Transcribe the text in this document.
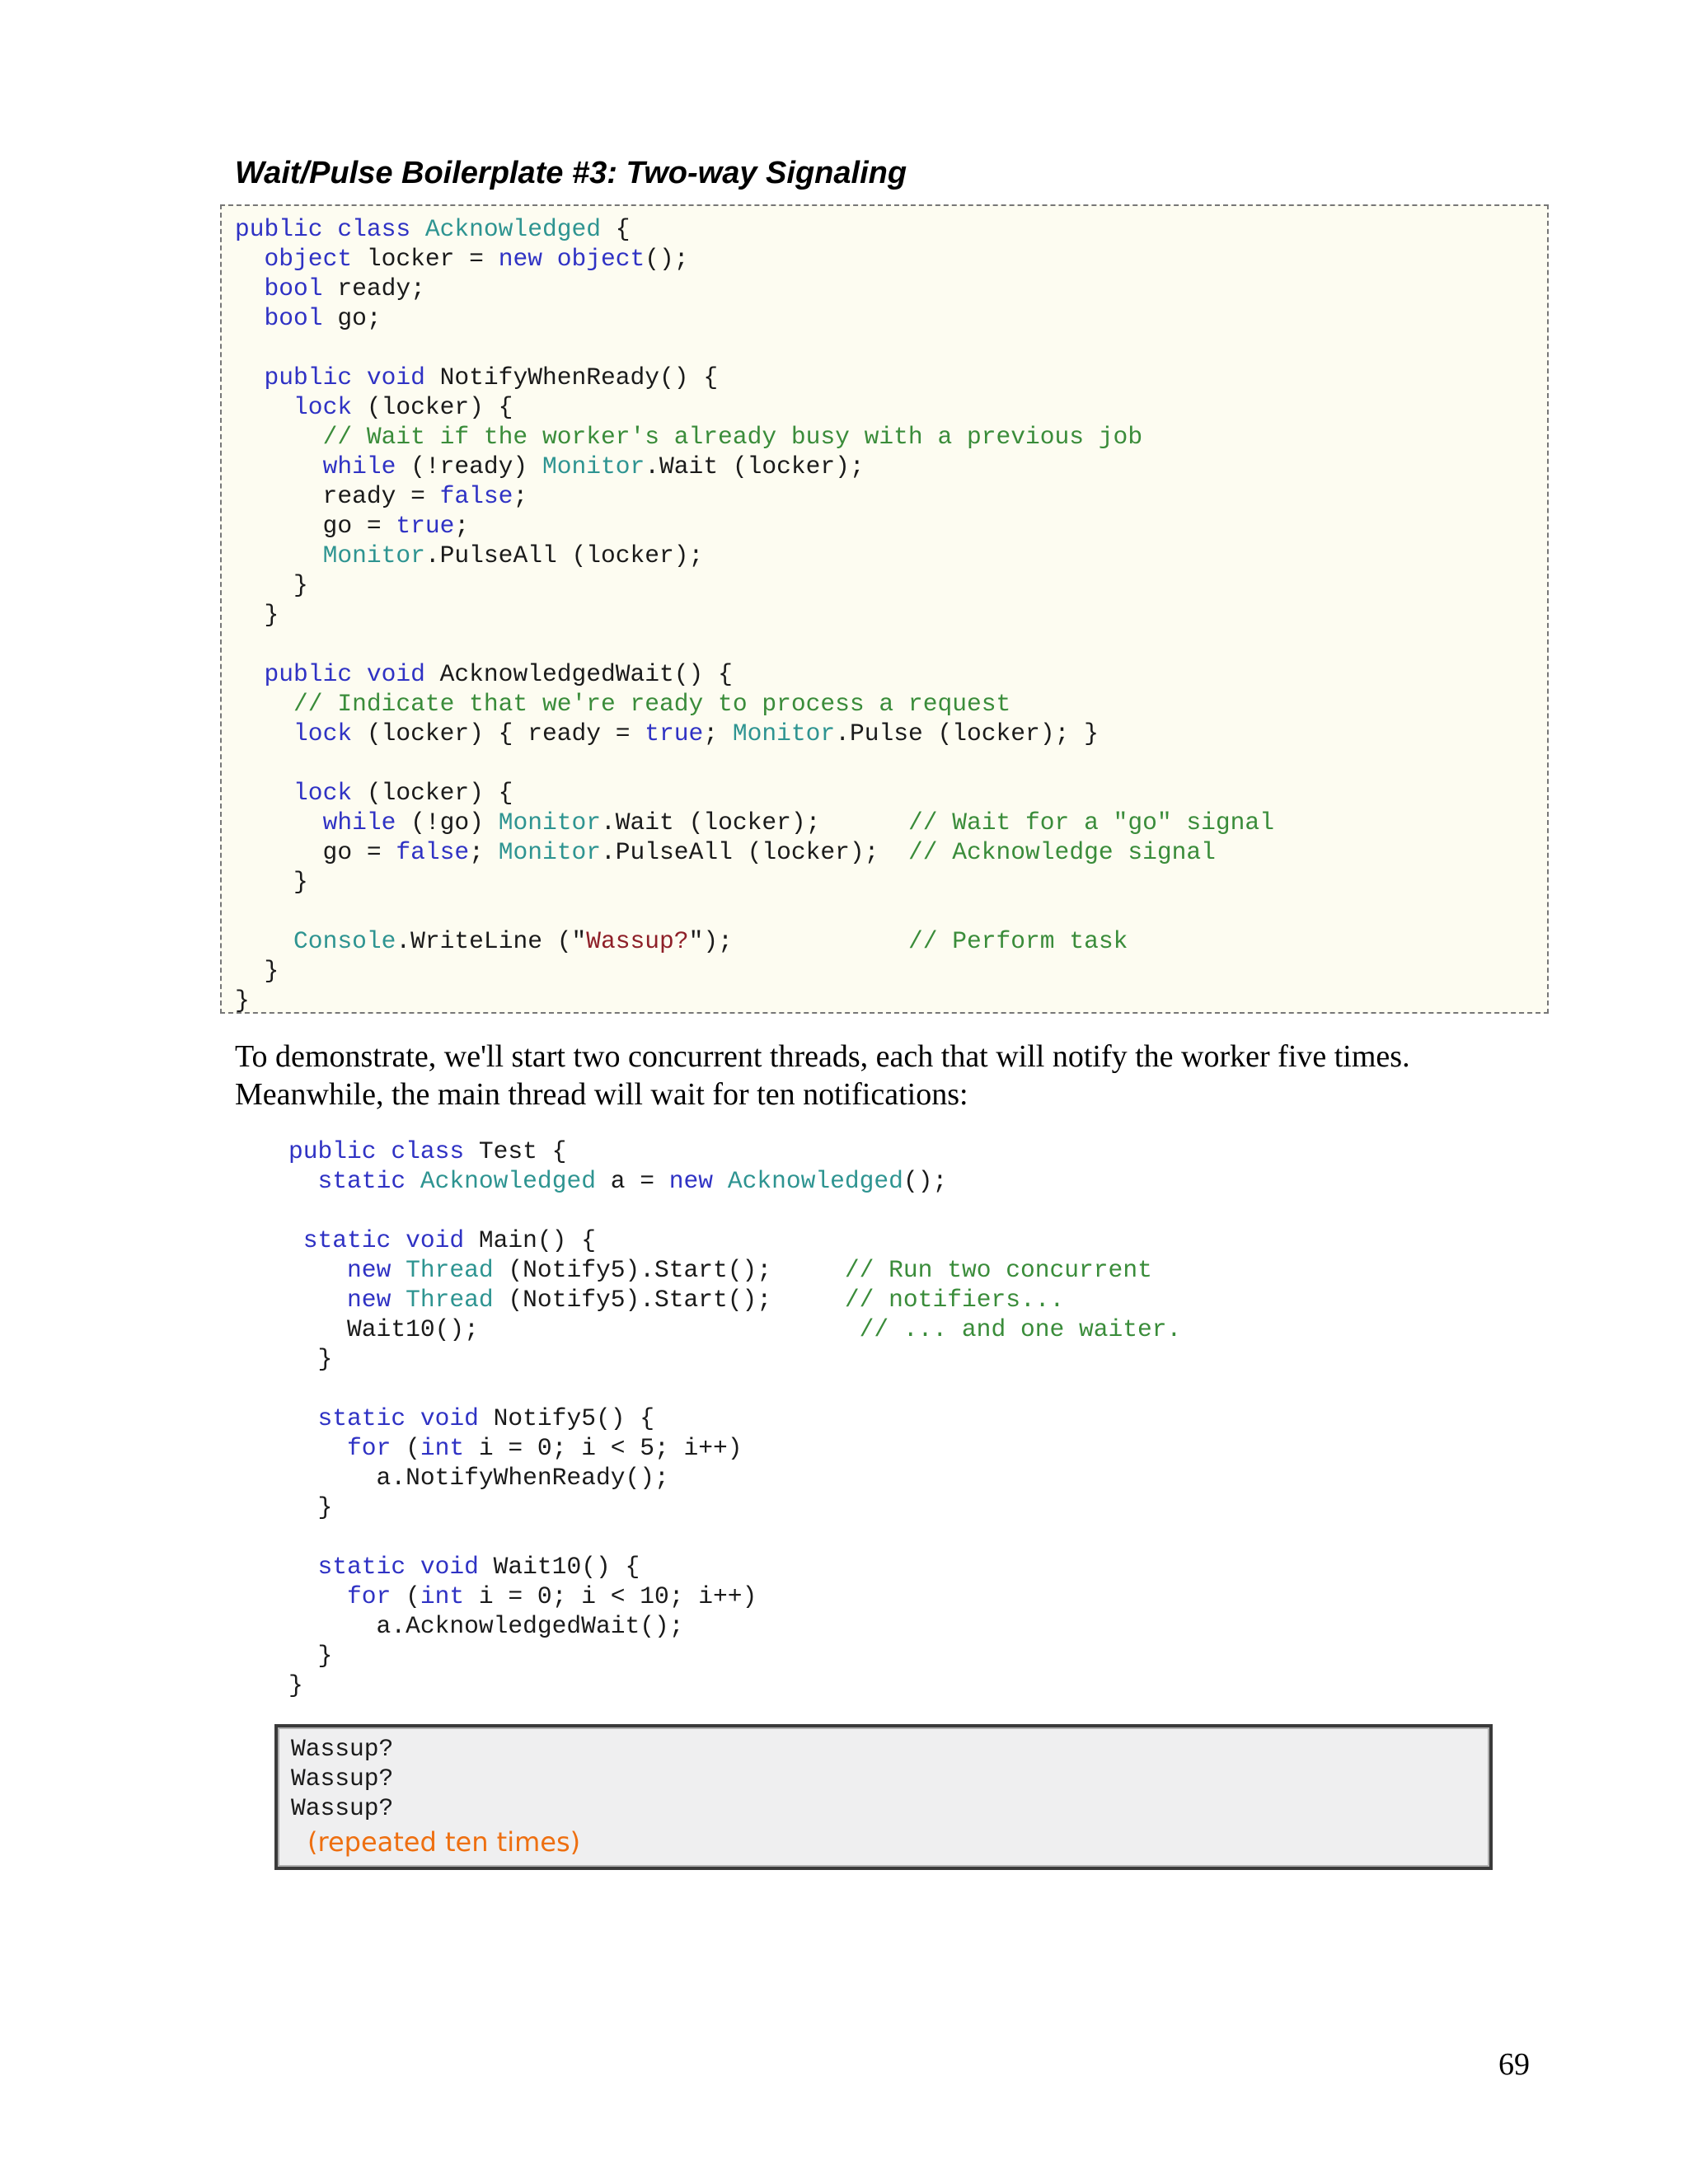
Wait/Pulse Boilerplate #3: Two-way Signaling
public class Acknowledged {
object locker = new object();
bool ready;
bool go;

public void NotifyWhenReady() {
lock (locker) {
// Wait if the worker's already busy with a previous job
while (!ready) Monitor.Wait (locker);
ready = false;
go = true;
Monitor.PulseAll (locker);
}
}

public void AcknowledgedWait() {
// Indicate that we're ready to process a request
lock (locker) { ready = true; Monitor.Pulse (locker); }

lock (locker) {
while (!go) Monitor.Wait (locker);      // Wait for a "go" signal
go = false; Monitor.PulseAll (locker);  // Acknowledge signal
}

Console.WriteLine ("Wassup?");            // Perform task
}
}
To demonstrate, we'll start two concurrent threads, each that will notify the worker five times.
Meanwhile, the main thread will wait for ten notifications:
public class Test {
static Acknowledged a = new Acknowledged();

static void Main() {
new Thread (Notify5).Start();     // Run two concurrent
new Thread (Notify5).Start();     // notifiers...
Wait10();                          // ... and one waiter.
}

static void Notify5() {
for (int i = 0; i < 5; i++)
a.NotifyWhenReady();
}

static void Wait10() {
for (int i = 0; i < 10; i++)
a.AcknowledgedWait();
}
}
Wassup?
Wassup?
Wassup?
(repeated ten times)
69
